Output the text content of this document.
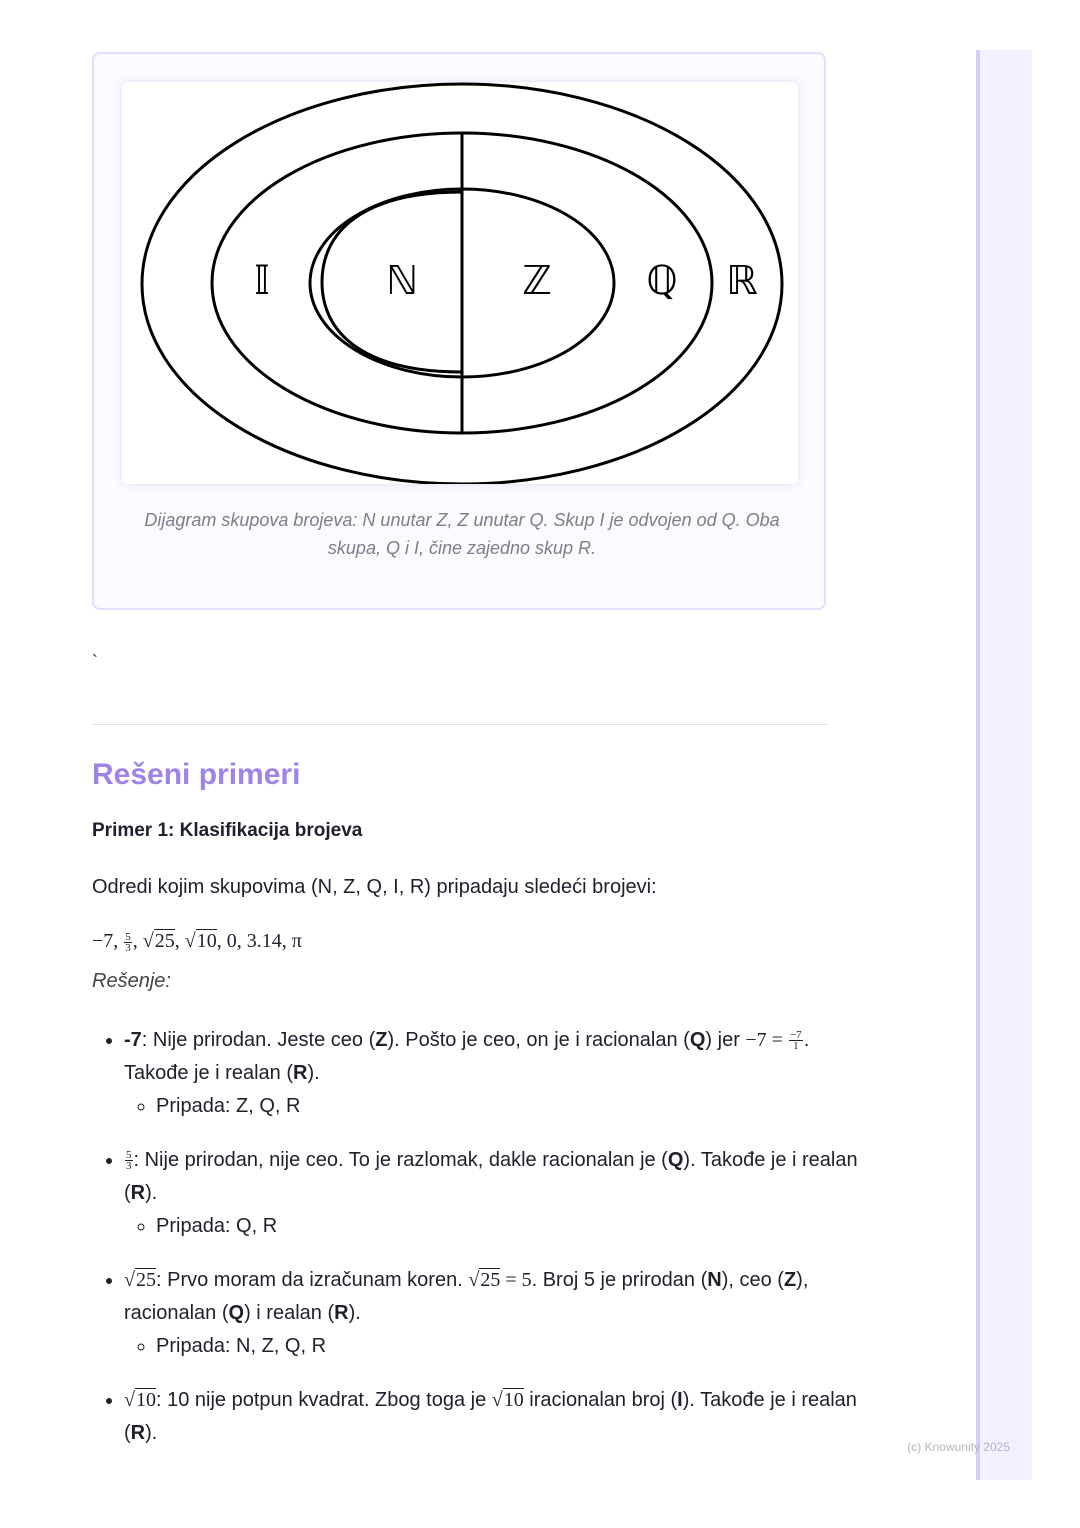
𝕀	ℕ	ℤ ℚ ℝ
Dijagram skupova brojeva: N unutar Z, Z unutar Q. Skup I je odvojen od Q. Oba
skupa, Q i I, čine zajedno skup R.
`
Rešeni primeri
Primer 1: Klasifikacija brojeva

Odredi kojim skupovima (N, Z, Q, I, R) pripadaju sledeći brojevi:

−7, $\frac{5}{3}$ , √25, √10, 0, 3.14, π
Rešenje:
• -7: Nije prirodan. Jeste ceo (Z). Pošto je ceo, on je i racionalan (Q) jer $-7 = \frac{-7}{1}$ . Takođe je i realan (R).
◦ Pripada: Z, Q, R
• $\frac{5}{3}$ : Nije prirodan, nije ceo. To je razlomak, dakle racionalan je (Q). Takođe je i realan (R).
◦ Pripada: Q, R
• √25: Prvo moram da izračunam koren. √25 = 5. Broj 5 je prirodan (N), ceo (Z), racionalan (Q) i realan (R).
◦ Pripada: N, Z, Q, R
• √10: 10 nije potpun kvadrat. Zbog toga je √10 iracionalan broj (I). Takođe je i realan (R).
(c) Knowunity 2025
